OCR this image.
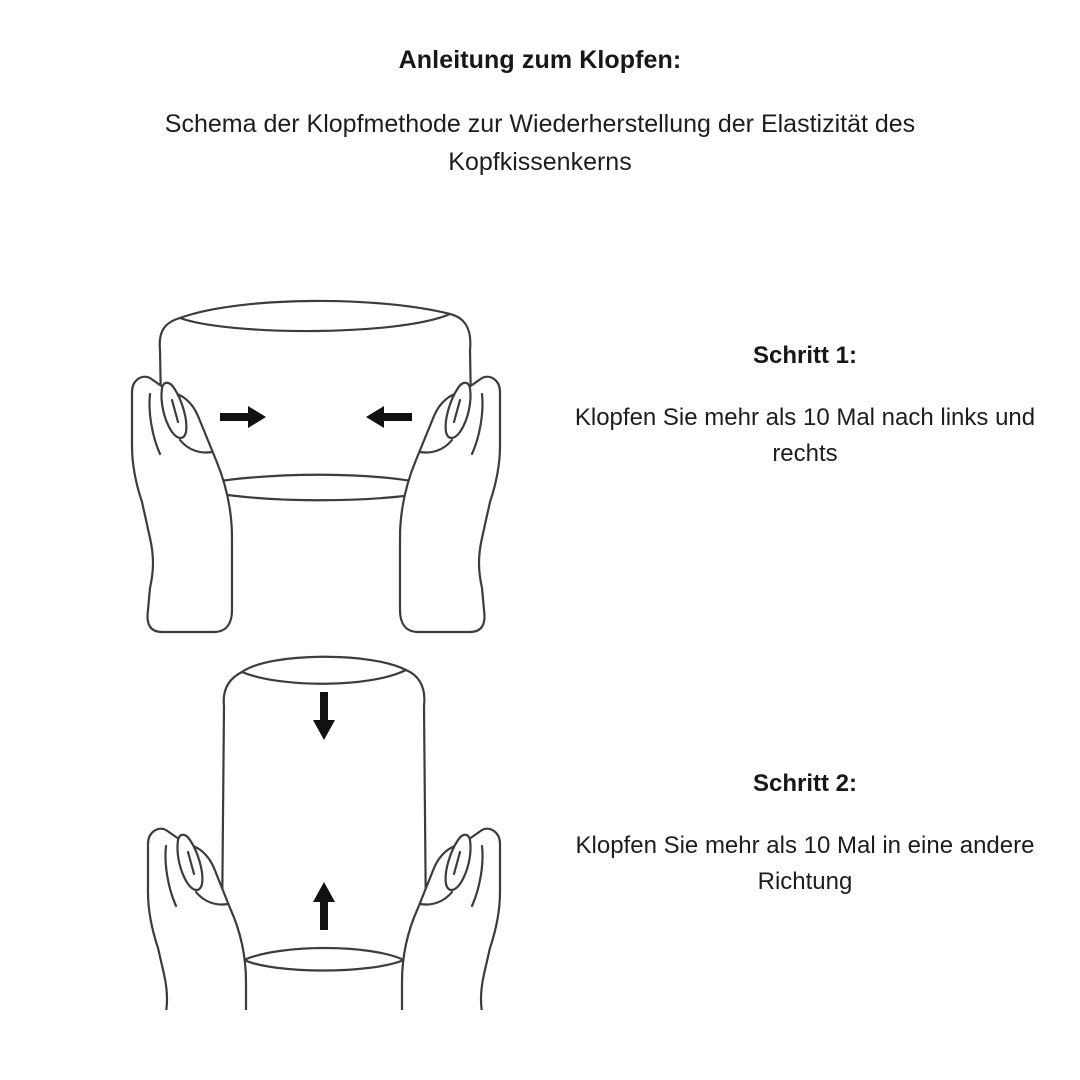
Anleitung zum Klopfen:
Schema der Klopfmethode zur Wiederherstellung der Elastizität des Kopfkissenkerns
Schritt 1:
Klopfen Sie mehr als 10 Mal nach links und rechts
Schritt 2:
Klopfen Sie mehr als 10 Mal in eine andere Richtung
